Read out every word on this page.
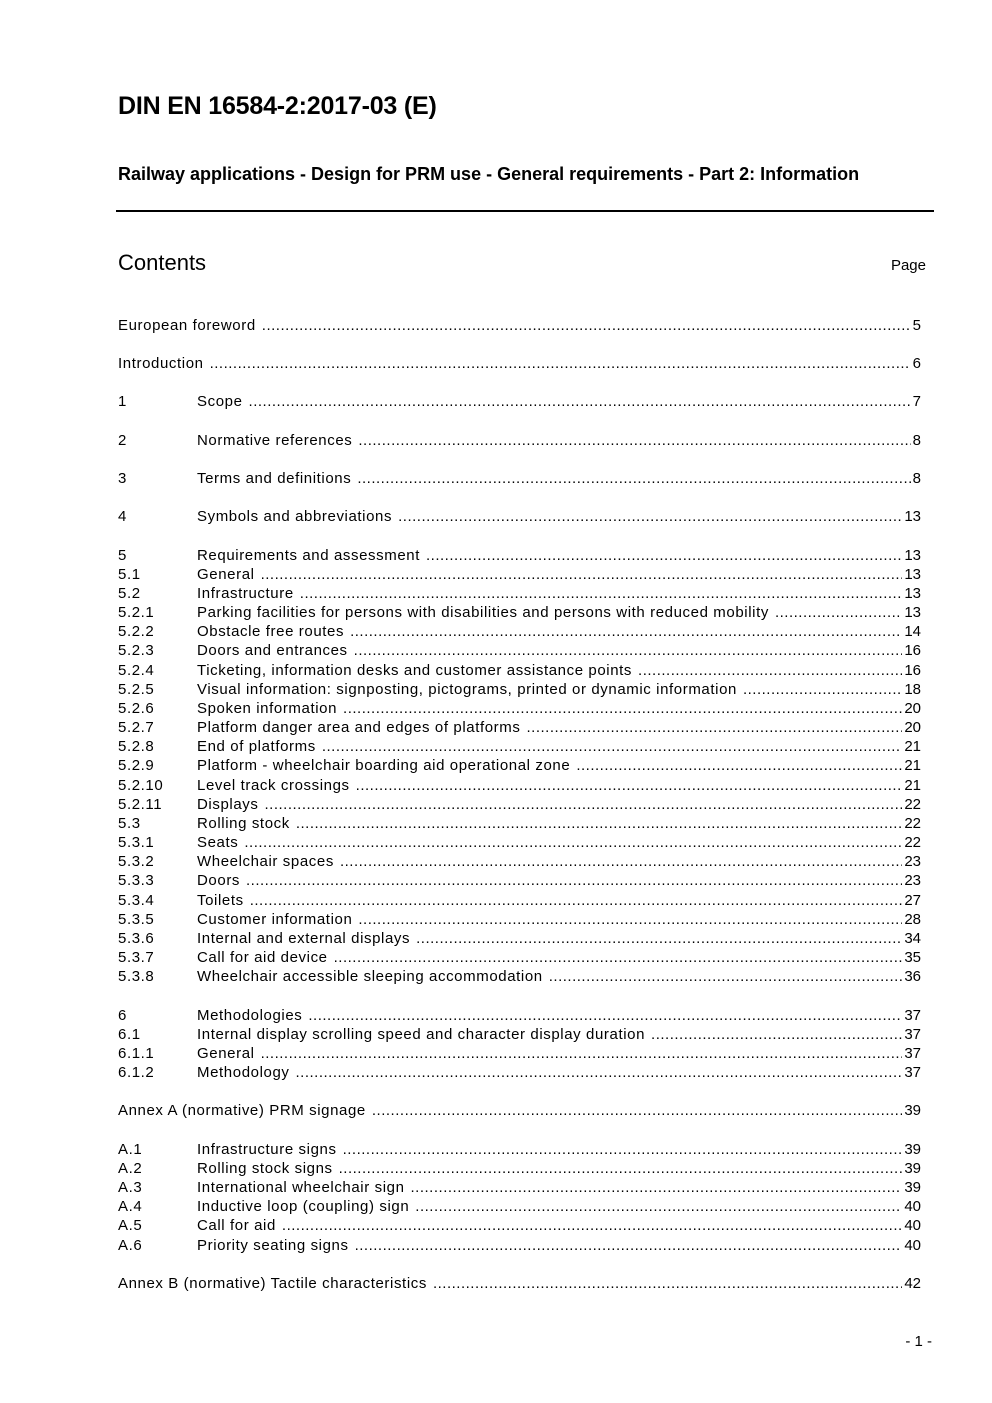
DIN EN 16584-2:2017-03 (E)
Railway applications - Design for PRM use - General requirements - Part 2: Information
Contents	Page
European foreword .....	5
Introduction .....	6
1	Scope .....	7
2	Normative references .....	8
3	Terms and definitions .....	8
4	Symbols and abbreviations .....	13
5	Requirements and assessment .....	13
5.1	General .....	13
5.2	Infrastructure .....	13
5.2.1	Parking facilities for persons with disabilities and persons with reduced mobility .....	13
5.2.2	Obstacle free routes .....	14
5.2.3	Doors and entrances .....	16
5.2.4	Ticketing, information desks and customer assistance points .....	16
5.2.5	Visual information: signposting, pictograms, printed or dynamic information .....	18
5.2.6	Spoken information .....	20
5.2.7	Platform danger area and edges of platforms .....	20
5.2.8	End of platforms .....	21
5.2.9	Platform - wheelchair boarding aid operational zone .....	21
5.2.10	Level track crossings .....	21
5.2.11	Displays .....	22
5.3	Rolling stock .....	22
5.3.1	Seats .....	22
5.3.2	Wheelchair spaces .....	23
5.3.3	Doors .....	23
5.3.4	Toilets .....	27
5.3.5	Customer information .....	28
5.3.6	Internal and external displays .....	34
5.3.7	Call for aid device .....	35
5.3.8	Wheelchair accessible sleeping accommodation .....	36
6	Methodologies .....	37
6.1	Internal display scrolling speed and character display duration .....	37
6.1.1	General .....	37
6.1.2	Methodology .....	37
Annex A (normative) PRM signage .....	39
A.1	Infrastructure signs .....	39
A.2	Rolling stock signs .....	39
A.3	International wheelchair sign .....	39
A.4	Inductive loop (coupling) sign .....	40
A.5	Call for aid .....	40
A.6	Priority seating signs .....	40
Annex B (normative) Tactile characteristics .....	42
- 1 -
